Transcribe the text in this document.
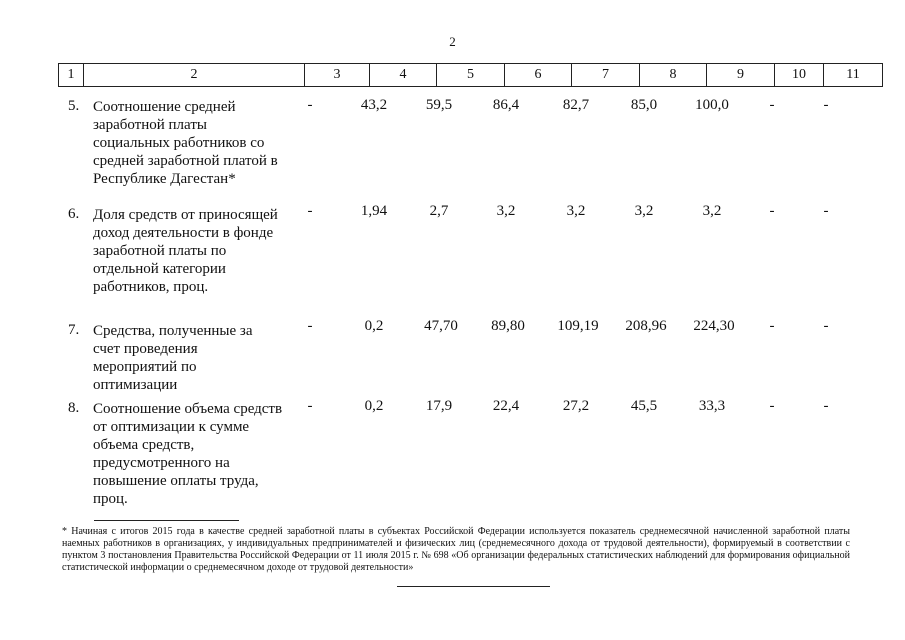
2
1	2	3	4	5	6	7	8	9	10	11
5. Соотношение средней заработной платы социальных работников со средней заработной платой в Республике Дагестан*
-	43,2	59,5	86,4	82,7	85,0	100,0	-	-
6. Доля средств от приносящей доход деятельности в фонде заработной платы по отдельной категории работников, проц.
-	1,94	2,7	3,2	3,2	3,2	3,2	-	-
7. Средства, полученные за счет проведения мероприятий по оптимизации
-	0,2	47,70	89,80	109,19	208,96	224,30	-	-
8. Соотношение объема средств от оптимизации к сумме объема средств, предусмотренного на повышение оплаты труда, проц.
-	0,2	17,9	22,4	27,2	45,5	33,3	-	-
* Начиная с итогов 2015 года в качестве средней заработной платы в субъектах Российской Федерации используется показатель среднемесячной начисленной заработной платы наемных работников в организациях, у индивидуальных предпринимателей и физических лиц (среднемесячного дохода от трудовой деятельности), формируемый в соответствии с пунктом 3 постановления Правительства Российской Федерации от 11 июля 2015 г. № 698 «Об организации федеральных статистических наблюдений для формирования официальной статистической информации о среднемесячном доходе от трудовой деятельности»
